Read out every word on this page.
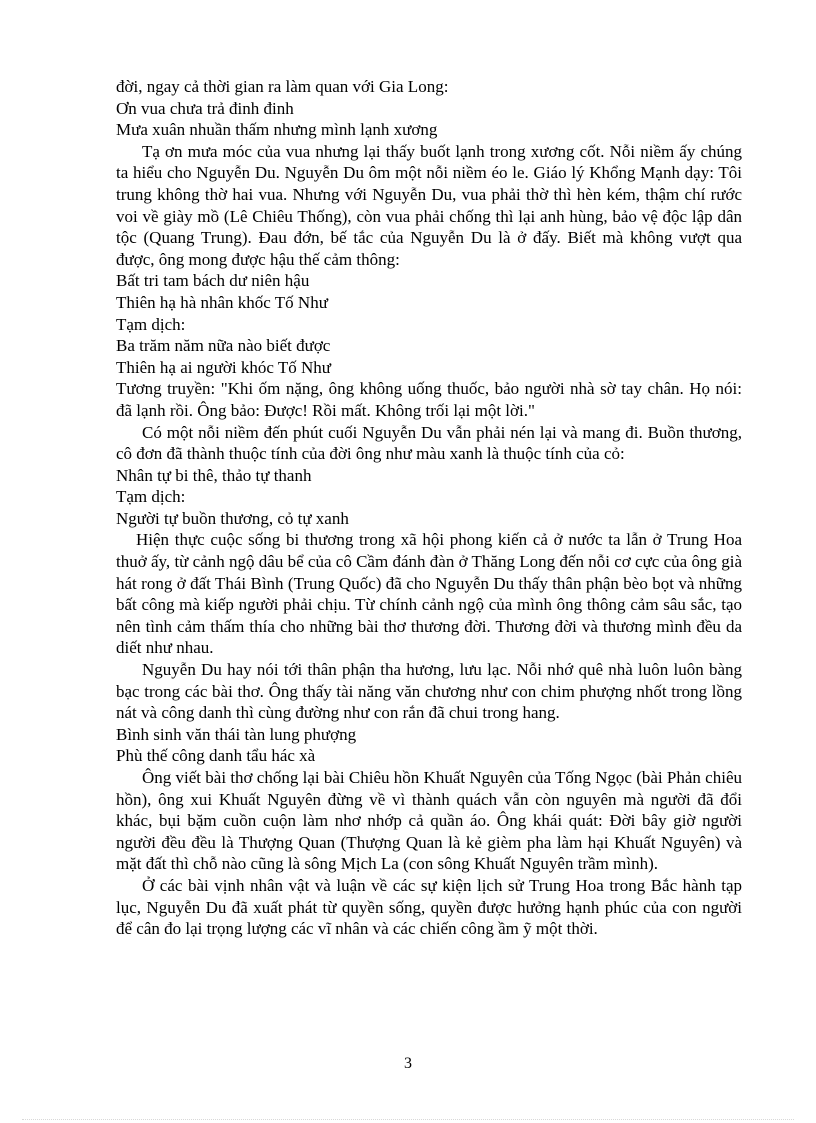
đời, ngay cả thời gian ra làm quan với Gia Long:

Ơn vua chưa trả đinh đinh

Mưa xuân nhuần thấm nhưng mình lạnh xương

Tạ ơn mưa móc của vua nhưng lại thấy buốt lạnh trong xương cốt. Nỗi niềm ấy chúng ta hiểu cho Nguyễn Du. Nguyễn Du ôm một nỗi niềm éo le. Giáo lý Khổng Mạnh dạy: Tôi trung không thờ hai vua. Nhưng với Nguyễn Du, vua phải thờ thì hèn kém, thậm chí rước voi về giày mồ (Lê Chiêu Thống), còn vua phải chống thì lại anh hùng, bảo vệ độc lập dân tộc (Quang Trung). Đau đớn, bế tắc của Nguyễn Du là ở đấy. Biết mà không vượt qua được, ông mong được hậu thế cảm thông:

Bất tri tam bách dư niên hậu

Thiên hạ hà nhân khốc Tố Như

Tạm dịch:

Ba trăm năm nữa nào biết được

Thiên hạ ai người khóc Tố Như

Tương truyền: "Khi ốm nặng, ông không uống thuốc, bảo người nhà sờ tay chân. Họ nói: đã lạnh rồi. Ông bảo: Được! Rồi mất. Không trối lại một lời."

Có một nỗi niềm đến phút cuối Nguyễn Du vẫn phải nén lại và mang đi. Buồn thương, cô đơn đã thành thuộc tính của đời ông như màu xanh là thuộc tính của cỏ:

Nhân tự bi thê, thảo tự thanh

Tạm dịch:

Người tự buồn thương, cỏ tự xanh

Hiện thực cuộc sống bi thương trong xã hội phong kiến cả ở nước ta lẫn ở Trung Hoa thuở ấy, từ cảnh ngộ dâu bể của cô Cầm đánh đàn ở Thăng Long đến nỗi cơ cực của ông già hát rong ở đất Thái Bình (Trung Quốc) đã cho Nguyễn Du thấy thân phận bèo bọt và những bất công mà kiếp người phải chịu. Từ chính cảnh ngộ của mình ông thông cảm sâu sắc, tạo nên tình cảm thấm thía cho những bài thơ thương đời. Thương đời và thương mình đều da diết như nhau.

Nguyễn Du hay nói tới thân phận tha hương, lưu lạc. Nỗi nhớ quê nhà luôn luôn bàng bạc trong các bài thơ. Ông thấy tài năng văn chương như con chim phượng nhốt trong lồng nát và công danh thì cùng đường như con rắn đã chui trong hang.

Bình sinh văn thái tàn lung phượng

Phù thế công danh tẩu hác xà

Ông viết bài thơ chống lại bài Chiêu hồn Khuất Nguyên của Tống Ngọc (bài Phản chiêu hồn), ông xui Khuất Nguyên đừng về vì thành quách vẫn còn nguyên mà người đã đổi khác, bụi bặm cuồn cuộn làm nhơ nhớp cả quần áo. Ông khái quát: Đời bây giờ người người đều đều là Thượng Quan (Thượng Quan là kẻ gièm pha làm hại Khuất Nguyên) và mặt đất thì chỗ nào cũng là sông Mịch La (con sông Khuất Nguyên trầm mình).

Ở các bài vịnh nhân vật và luận về các sự kiện lịch sử Trung Hoa trong Bắc hành tạp lục, Nguyễn Du đã xuất phát từ quyền sống, quyền được hưởng hạnh phúc của con người để cân đo lại trọng lượng các vĩ nhân và các chiến công ầm ỹ một thời.

3
